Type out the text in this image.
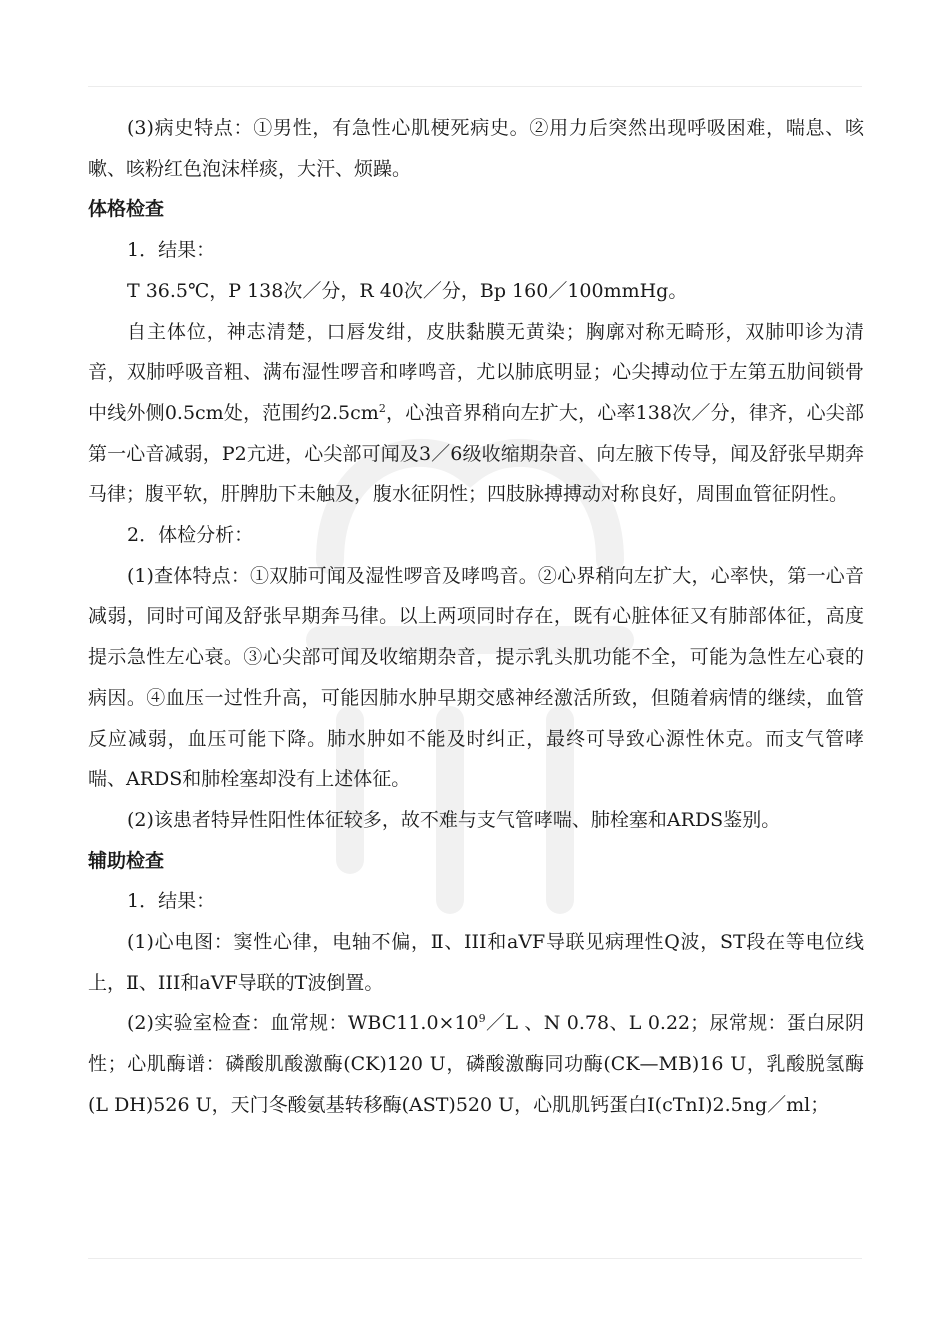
(3)病史特点：①男性，有急性心肌梗死病史。②用力后突然出现呼吸困难，喘息、咳嗽、咳粉红色泡沫样痰，大汗、烦躁。

体格检查

1．结果：

T 36.5℃，P 138次／分，R 40次／分，Bp 160／100mmHg。

自主体位，神志清楚，口唇发绀，皮肤黏膜无黄染；胸廓对称无畸形，双肺叩诊为清音，双肺呼吸音粗、满布湿性啰音和哮鸣音，尤以肺底明显；心尖搏动位于左第五肋间锁骨中线外侧0.5cm处，范围约$2.5cm^2$，心浊音界稍向左扩大，心率138次／分，律齐，心尖部第一心音减弱，P2亢进，心尖部可闻及3／6级收缩期杂音、向左腋下传导，闻及舒张早期奔马律；腹平软，肝脾肋下未触及，腹水征阴性；四肢脉搏搏动对称良好，周围血管征阴性。

2．体检分析：

(1)查体特点：①双肺可闻及湿性啰音及哮鸣音。②心界稍向左扩大，心率快，第一心音减弱，同时可闻及舒张早期奔马律。以上两项同时存在，既有心脏体征又有肺部体征，高度提示急性左心衰。③心尖部可闻及收缩期杂音，提示乳头肌功能不全，可能为急性左心衰的病因。④血压一过性升高，可能因肺水肿早期交感神经激活所致，但随着病情的继续，血管反应减弱，血压可能下降。肺水肿如不能及时纠正，最终可导致心源性休克。而支气管哮喘、ARDS和肺栓塞却没有上述体征。

(2)该患者特异性阳性体征较多，故不难与支气管哮喘、肺栓塞和ARDS鉴别。

辅助检查

1．结果：

(1)心电图：窦性心律，电轴不偏，Ⅱ、III和aVF导联见病理性Q波，ST段在等电位线上，Ⅱ、III和aVF导联的T波倒置。

(2)实验室检查：血常规：$WBC11.0\times 10^9/L$ 、N 0.78、L 0.22；尿常规：蛋白尿阴性；心肌酶谱：磷酸肌酸激酶(CK)120 U，磷酸激酶同功酶(CK—MB)16 U，乳酸脱氢酶(L DH)526 U，天门冬酸氨基转移酶(AST)520 U，心肌肌钙蛋白I(cTnI)2.5ng／ml；
